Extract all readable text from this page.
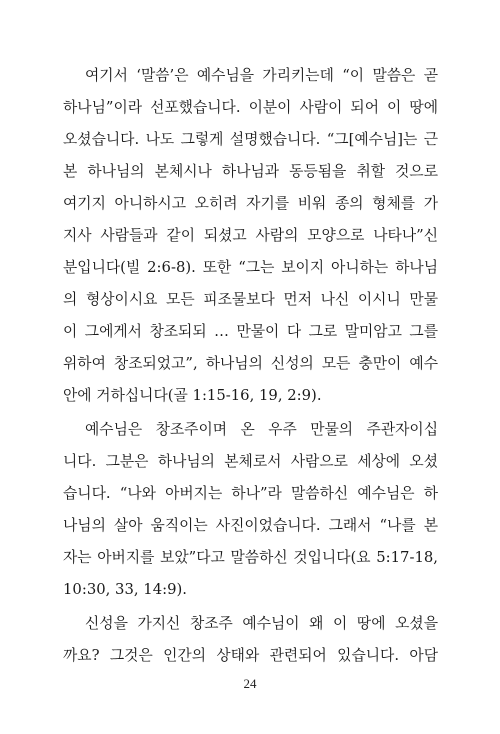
여기서 ‘말씀’은 예수님을 가리키는데 “이 말씀은 곧
하나님”이라 선포했습니다. 이분이 사람이 되어 이 땅에
오셨습니다. 나도 그렇게 설명했습니다. “그[예수님]는 근
본 하나님의 본체시나 하나님과 동등됨을 취할 것으로
여기지 아니하시고 오히려 자기를 비워 종의 형체를 가
지사 사람들과 같이 되셨고 사람의 모양으로 나타나”신
분입니다(빌 2:6-8). 또한 “그는 보이지 아니하는 하나님
의 형상이시요 모든 피조물보다 먼저 나신 이시니 만물
이 그에게서 창조되되 … 만물이 다 그로 말미암고 그를
위하여 창조되었고”, 하나님의 신성의 모든 충만이 예수
안에 거하십니다(골 1:15-16, 19, 2:9).
예수님은 창조주이며 온 우주 만물의 주관자이십
니다. 그분은 하나님의 본체로서 사람으로 세상에 오셨
습니다. “나와 아버지는 하나”라 말씀하신 예수님은 하
나님의 살아 움직이는 사진이었습니다. 그래서 “나를 본
자는 아버지를 보았”다고 말씀하신 것입니다(요 5:17-18,
10:30, 33, 14:9).
신성을 가지신 창조주 예수님이 왜 이 땅에 오셨을
까요? 그것은 인간의 상태와 관련되어 있습니다. 아담
24
